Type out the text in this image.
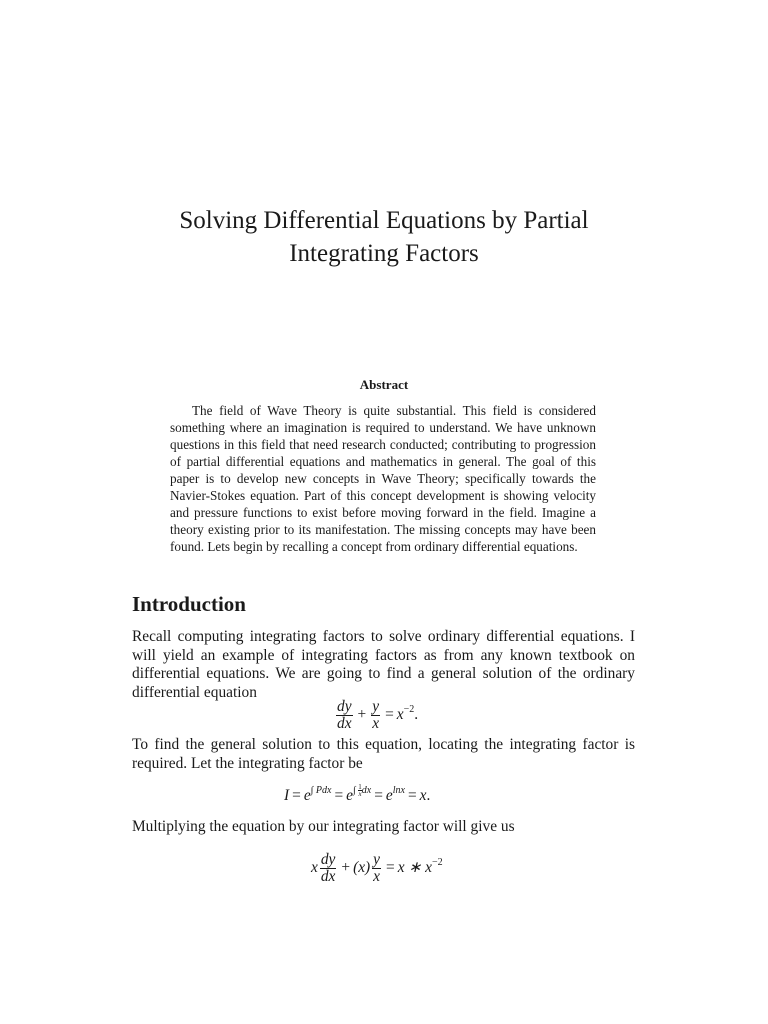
Solving Differential Equations by Partial
Integrating Factors
Abstract

The field of Wave Theory is quite substantial. This field is considered something where an imagination is required to understand. We have unknown questions in this field that need research conducted; contributing to progression of partial differential equations and mathematics in general. The goal of this paper is to develop new concepts in Wave Theory; specifically towards the Navier-Stokes equation. Part of this concept development is showing velocity and pressure functions to exist before moving forward in the field. Imagine a theory existing prior to its manifestation. The missing concepts may have been found. Lets begin by recalling a concept from ordinary differential equations.

Introduction

Recall computing integrating factors to solve ordinary differential equations. I will yield an example of integrating factors as from any known textbook on differential equations. We are going to find a general solution of the ordinary differential equation

$\frac{dy}{dx} + \frac{y}{x} = x^{-2}$.

To find the general solution to this equation, locating the integrating factor is required. Let the integrating factor be

$I = e^{\int Pdx} = e^{\int \frac{1}{x} dx} = e^{lnx} = x$.

Multiplying the equation by our integrating factor will give us

x $\frac{dy}{dx} + (x) \frac{y}{x} = x$ ∗ $x^{-2}$
